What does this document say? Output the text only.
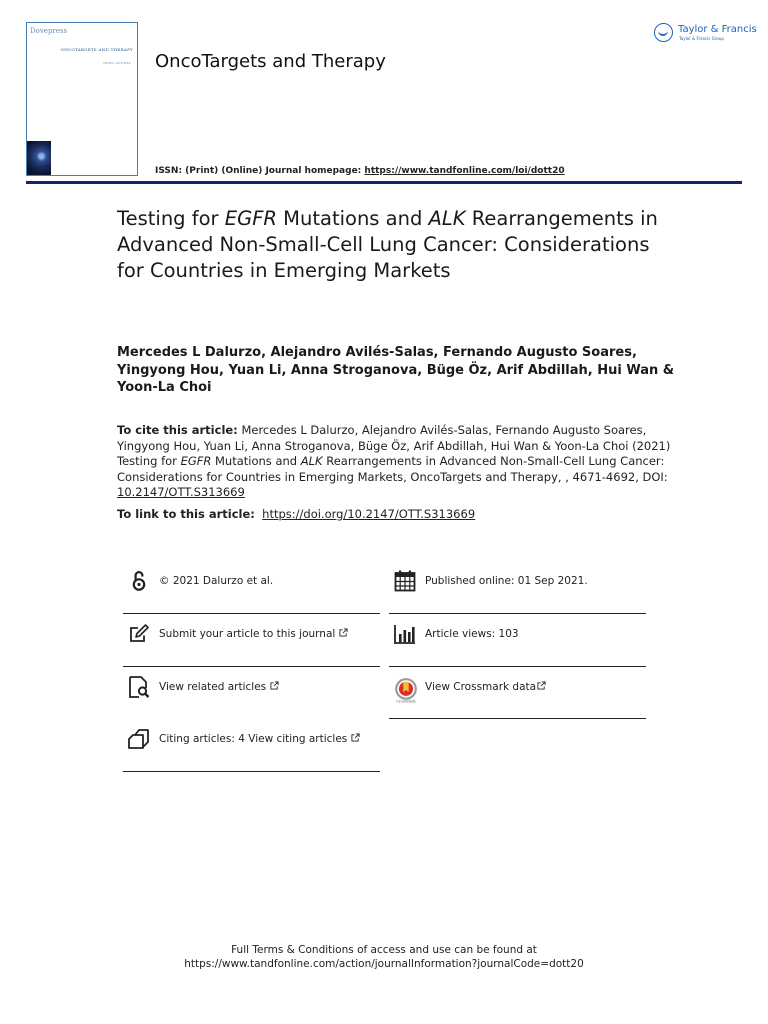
Dovepress
ONCOTARGETS AND THERAPY
OPEN ACCESS OncoTargets and Therapy
Taylor & Francis
Taylor & Francis Group
ISSN: (Print) (Online) Journal homepage: https://www.tandfonline.com/loi/dott20
Testing for EGFR Mutations and ALK Rearrangements in Advanced Non-Small-Cell Lung Cancer: Considerations for Countries in Emerging Markets
Mercedes L Dalurzo, Alejandro Avilés-Salas, Fernando Augusto Soares, Yingyong Hou, Yuan Li, Anna Stroganova, Büge Öz, Arif Abdillah, Hui Wan & Yoon-La Choi
To cite this article: Mercedes L Dalurzo, Alejandro Avilés-Salas, Fernando Augusto Soares, Yingyong Hou, Yuan Li, Anna Stroganova, Büge Öz, Arif Abdillah, Hui Wan & Yoon-La Choi (2021) Testing for EGFR Mutations and ALK Rearrangements in Advanced Non-Small-Cell Lung Cancer: Considerations for Countries in Emerging Markets, OncoTargets and Therapy, , 4671-4692, DOI: 10.2147/OTT.S313669
To link to this article: https://doi.org/10.2147/OTT.S313669
© 2021 Dalurzo et al.
Submit your article to this journal
View related articles
Citing articles: 4 View citing articles
Published online: 01 Sep 2021.
Article views: 103
CrossMark
View Crossmark data
Full Terms & Conditions of access and use can be found at
https://www.tandfonline.com/action/journalInformation?journalCode=dott20
